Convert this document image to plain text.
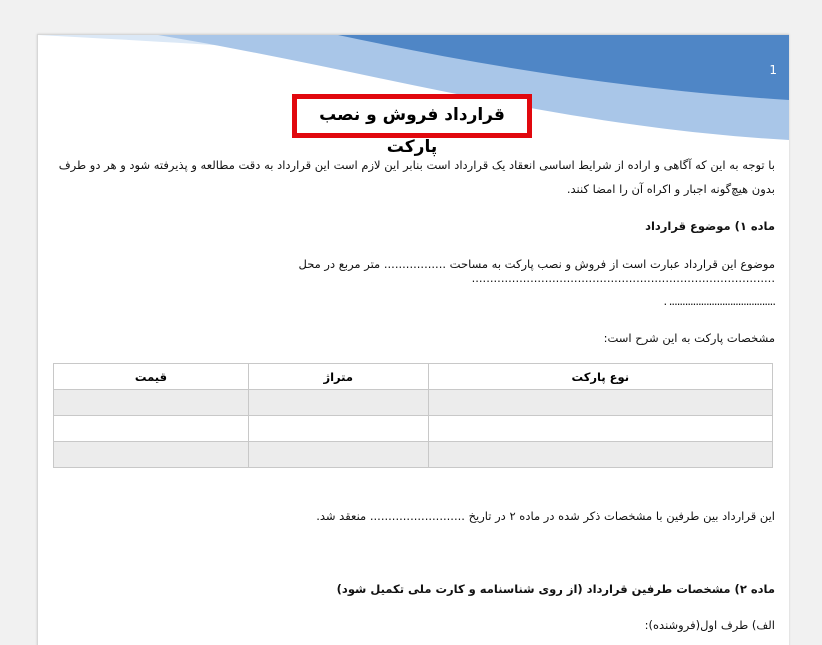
1
قرارداد فروش و نصب پارکت
با توجه به این که آگاهی و اراده از شرایط اساسی انعقاد یک قرارداد است بنابر این لازم است این قرارداد به دقت مطالعه و پذیرفته شود و هر دو طرف
بدون هیچ‌گونه اجبار و اکراه آن را امضا کنند.
ماده ۱) موضوع قرارداد
موضوع این قرارداد عبارت است از فروش و نصب پارکت به مساحت ................. متر مربع در محل ...................................................................................
........................................ .
مشخصات پارکت به این شرح است:
نوع پارکت	متراژ	قیمت

این قرارداد بین طرفین با مشخصات ذکر شده در ماده ۲ در تاریخ .......................... منعقد شد.
ماده ۲) مشخصات طرفین قرارداد (از روی شناسنامه و کارت ملی تکمیل شود)
الف) طرف اول(فروشنده):
